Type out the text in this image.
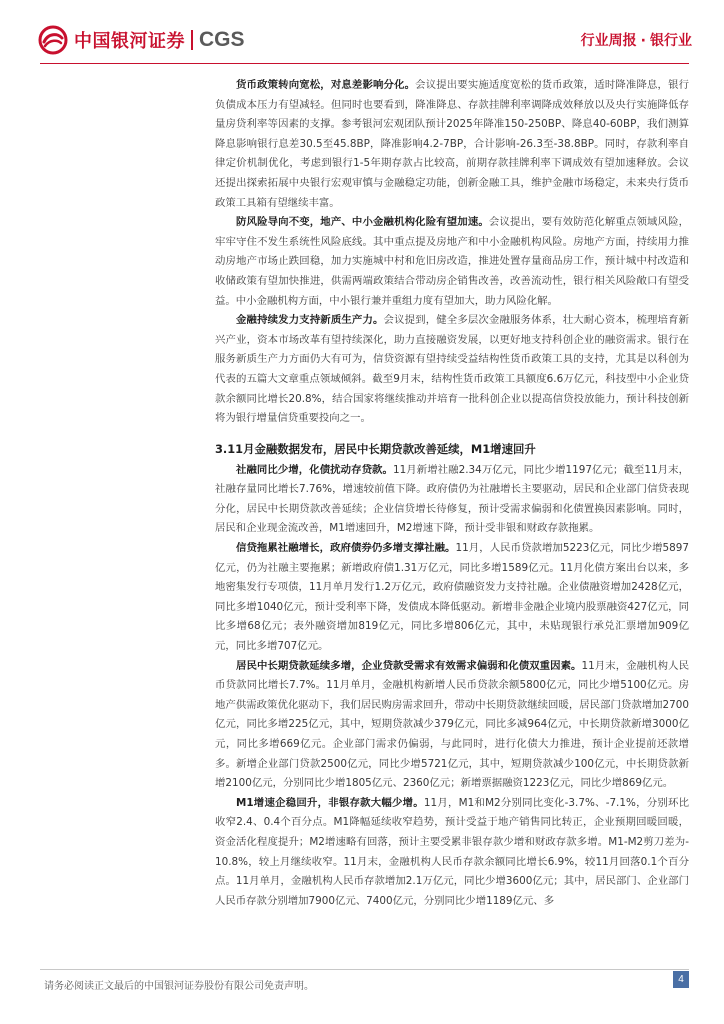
中国银河证券 CGS	行业周报 · 银行业

货币政策转向宽松，对息差影响分化。会议提出要实施适度宽松的货币政策，适时降准降息，银行负债成本压力有望减轻。但同时也要看到，降准降息、存款挂牌利率调降成效释放以及央行实施降低存量房贷利率等因素的支撑。参考银河宏观团队预计2025年降准150-250BP、降息40-60BP，我们测算降息影响银行息差30.5至45.8BP，降准影响4.2-7BP，合计影响-26.3至-38.8BP。同时，存款利率自律定价机制优化，考虑到银行1-5年期存款占比较高，前期存款挂牌利率下调成效有望加速释放。会议还提出探索拓展中央银行宏观审慎与金融稳定功能，创新金融工具，维护金融市场稳定，未来央行货币政策工具箱有望继续丰富。

防风险导向不变，地产、中小金融机构化险有望加速。会议提出，要有效防范化解重点领域风险，牢牢守住不发生系统性风险底线。其中重点提及房地产和中小金融机构风险。房地产方面，持续用力推动房地产市场止跌回稳，加力实施城中村和危旧房改造，推进处置存量商品房工作，预计城中村改造和收储政策有望加快推进，供需两端政策结合带动房企销售改善，改善流动性，银行相关风险敞口有望受益。中小金融机构方面，中小银行兼并重组力度有望加大，助力风险化解。

金融持续发力支持新质生产力。会议提到，健全多层次金融服务体系，壮大耐心资本，梳理培育新兴产业，资本市场改革有望持续深化，助力直接融资发展，以更好地支持科创企业的融资需求。银行在服务新质生产力方面仍大有可为，信贷资源有望持续受益结构性货币政策工具的支持，尤其是以科创为代表的五篇大文章重点领域倾斜。截至9月末，结构性货币政策工具额度6.6万亿元，科技型中小企业贷款余额同比增长20.8%，结合国家将继续推动并培育一批科创企业以提高信贷投放能力，预计科技创新将为银行增量信贷重要投向之一。

3.11月金融数据发布，居民中长期贷款改善延续，M1增速回升

社融同比少增，化债扰动存贷款。11月新增社融2.34万亿元，同比少增1197亿元；截至11月末，社融存量同比增长7.76%，增速较前值下降。政府债仍为社融增长主要驱动，居民和企业部门信贷表现分化，居民中长期贷款改善延续；企业信贷增长待修复，预计受需求偏弱和化债置换因素影响。同时，居民和企业现金流改善，M1增速回升，M2增速下降，预计受非银和财政存款拖累。

信贷拖累社融增长，政府债券仍多增支撑社融。11月，人民币贷款增加5223亿元，同比少增5897亿元，仍为社融主要拖累；新增政府债1.31万亿元，同比多增1589亿元。11月化债方案出台以来，多地密集发行专项债，11月单月发行1.2万亿元，政府债融资发力支持社融。企业债融资增加2428亿元，同比多增1040亿元，预计受利率下降，发债成本降低驱动。新增非金融企业境内股票融资427亿元，同比多增68亿元；表外融资增加819亿元，同比多增806亿元，其中，未贴现银行承兑汇票增加909亿元，同比多增707亿元。

居民中长期贷款延续多增，企业贷款受需求有效需求偏弱和化债双重因素。11月末，金融机构人民币贷款同比增长7.7%。11月单月，金融机构新增人民币贷款余额5800亿元，同比少增5100亿元。房地产供需政策优化驱动下，我们居民购房需求回升，带动中长期贷款继续回暖，居民部门贷款增加2700亿元，同比多增225亿元，其中，短期贷款减少379亿元，同比多减964亿元，中长期贷款新增3000亿元，同比多增669亿元。企业部门需求仍偏弱，与此同时，进行化债大力推进，预计企业提前还款增多。新增企业部门贷款2500亿元，同比少增5721亿元，其中，短期贷款减少100亿元，中长期贷款新增2100亿元，分别同比少增1805亿元、2360亿元；新增票据融资1223亿元，同比少增869亿元。

M1增速企稳回升，非银存款大幅少增。11月，M1和M2分别同比变化-3.7%、-7.1%，分别环比收窄2.4、0.4个百分点。M1降幅延续收窄趋势，预计受益于地产销售同比转正，企业预期回暖回暖，资金活化程度提升；M2增速略有回落，预计主要受累非银存款少增和财政存款多增。M1-M2剪刀差为-10.8%，较上月继续收窄。11月末，金融机构人民币存款余额同比增长6.9%，较11月回落0.1个百分点。11月单月，金融机构人民币存款增加2.1万亿元，同比少增3600亿元；其中，居民部门、企业部门人民币存款分别增加7900亿元、7400亿元，分别同比少增1189亿元、多

请务必阅读正文最后的中国银河证券股份有限公司免责声明。
4
